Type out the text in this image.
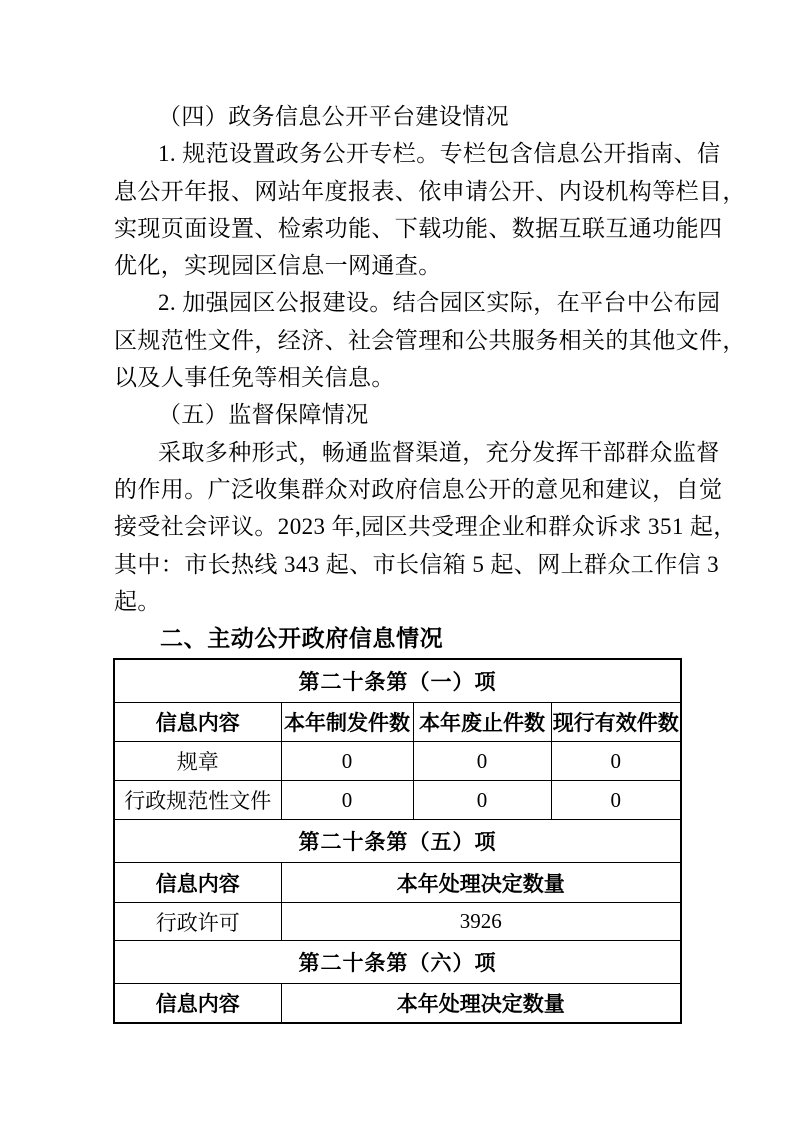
（四）政务信息公开平台建设情况
1. 规范设置政务公开专栏。专栏包含信息公开指南、信
息公开年报、网站年度报表、依申请公开、内设机构等栏目，
实现页面设置、检索功能、下载功能、数据互联互通功能四
优化，实现园区信息一网通查。
2. 加强园区公报建设。结合园区实际，在平台中公布园
区规范性文件，经济、社会管理和公共服务相关的其他文件，
以及人事任免等相关信息。
（五）监督保障情况
采取多种形式，畅通监督渠道，充分发挥干部群众监督
的作用。广泛收集群众对政府信息公开的意见和建议，自觉
接受社会评议。2023 年,园区共受理企业和群众诉求 351 起，
其中：市长热线 343 起、市长信箱 5 起、网上群众工作信 3
起。
二、主动公开政府信息情况
第二十条第（一）项			
信息内容	本年制发件数	本年废止件数	现行有效件数
规章	0	0	0
行政规范性文件	0	0	0
第二十条第（五）项			
信息内容	本年处理决定数量		
行政许可	3926		
第二十条第（六）项			
信息内容	本年处理决定数量		
